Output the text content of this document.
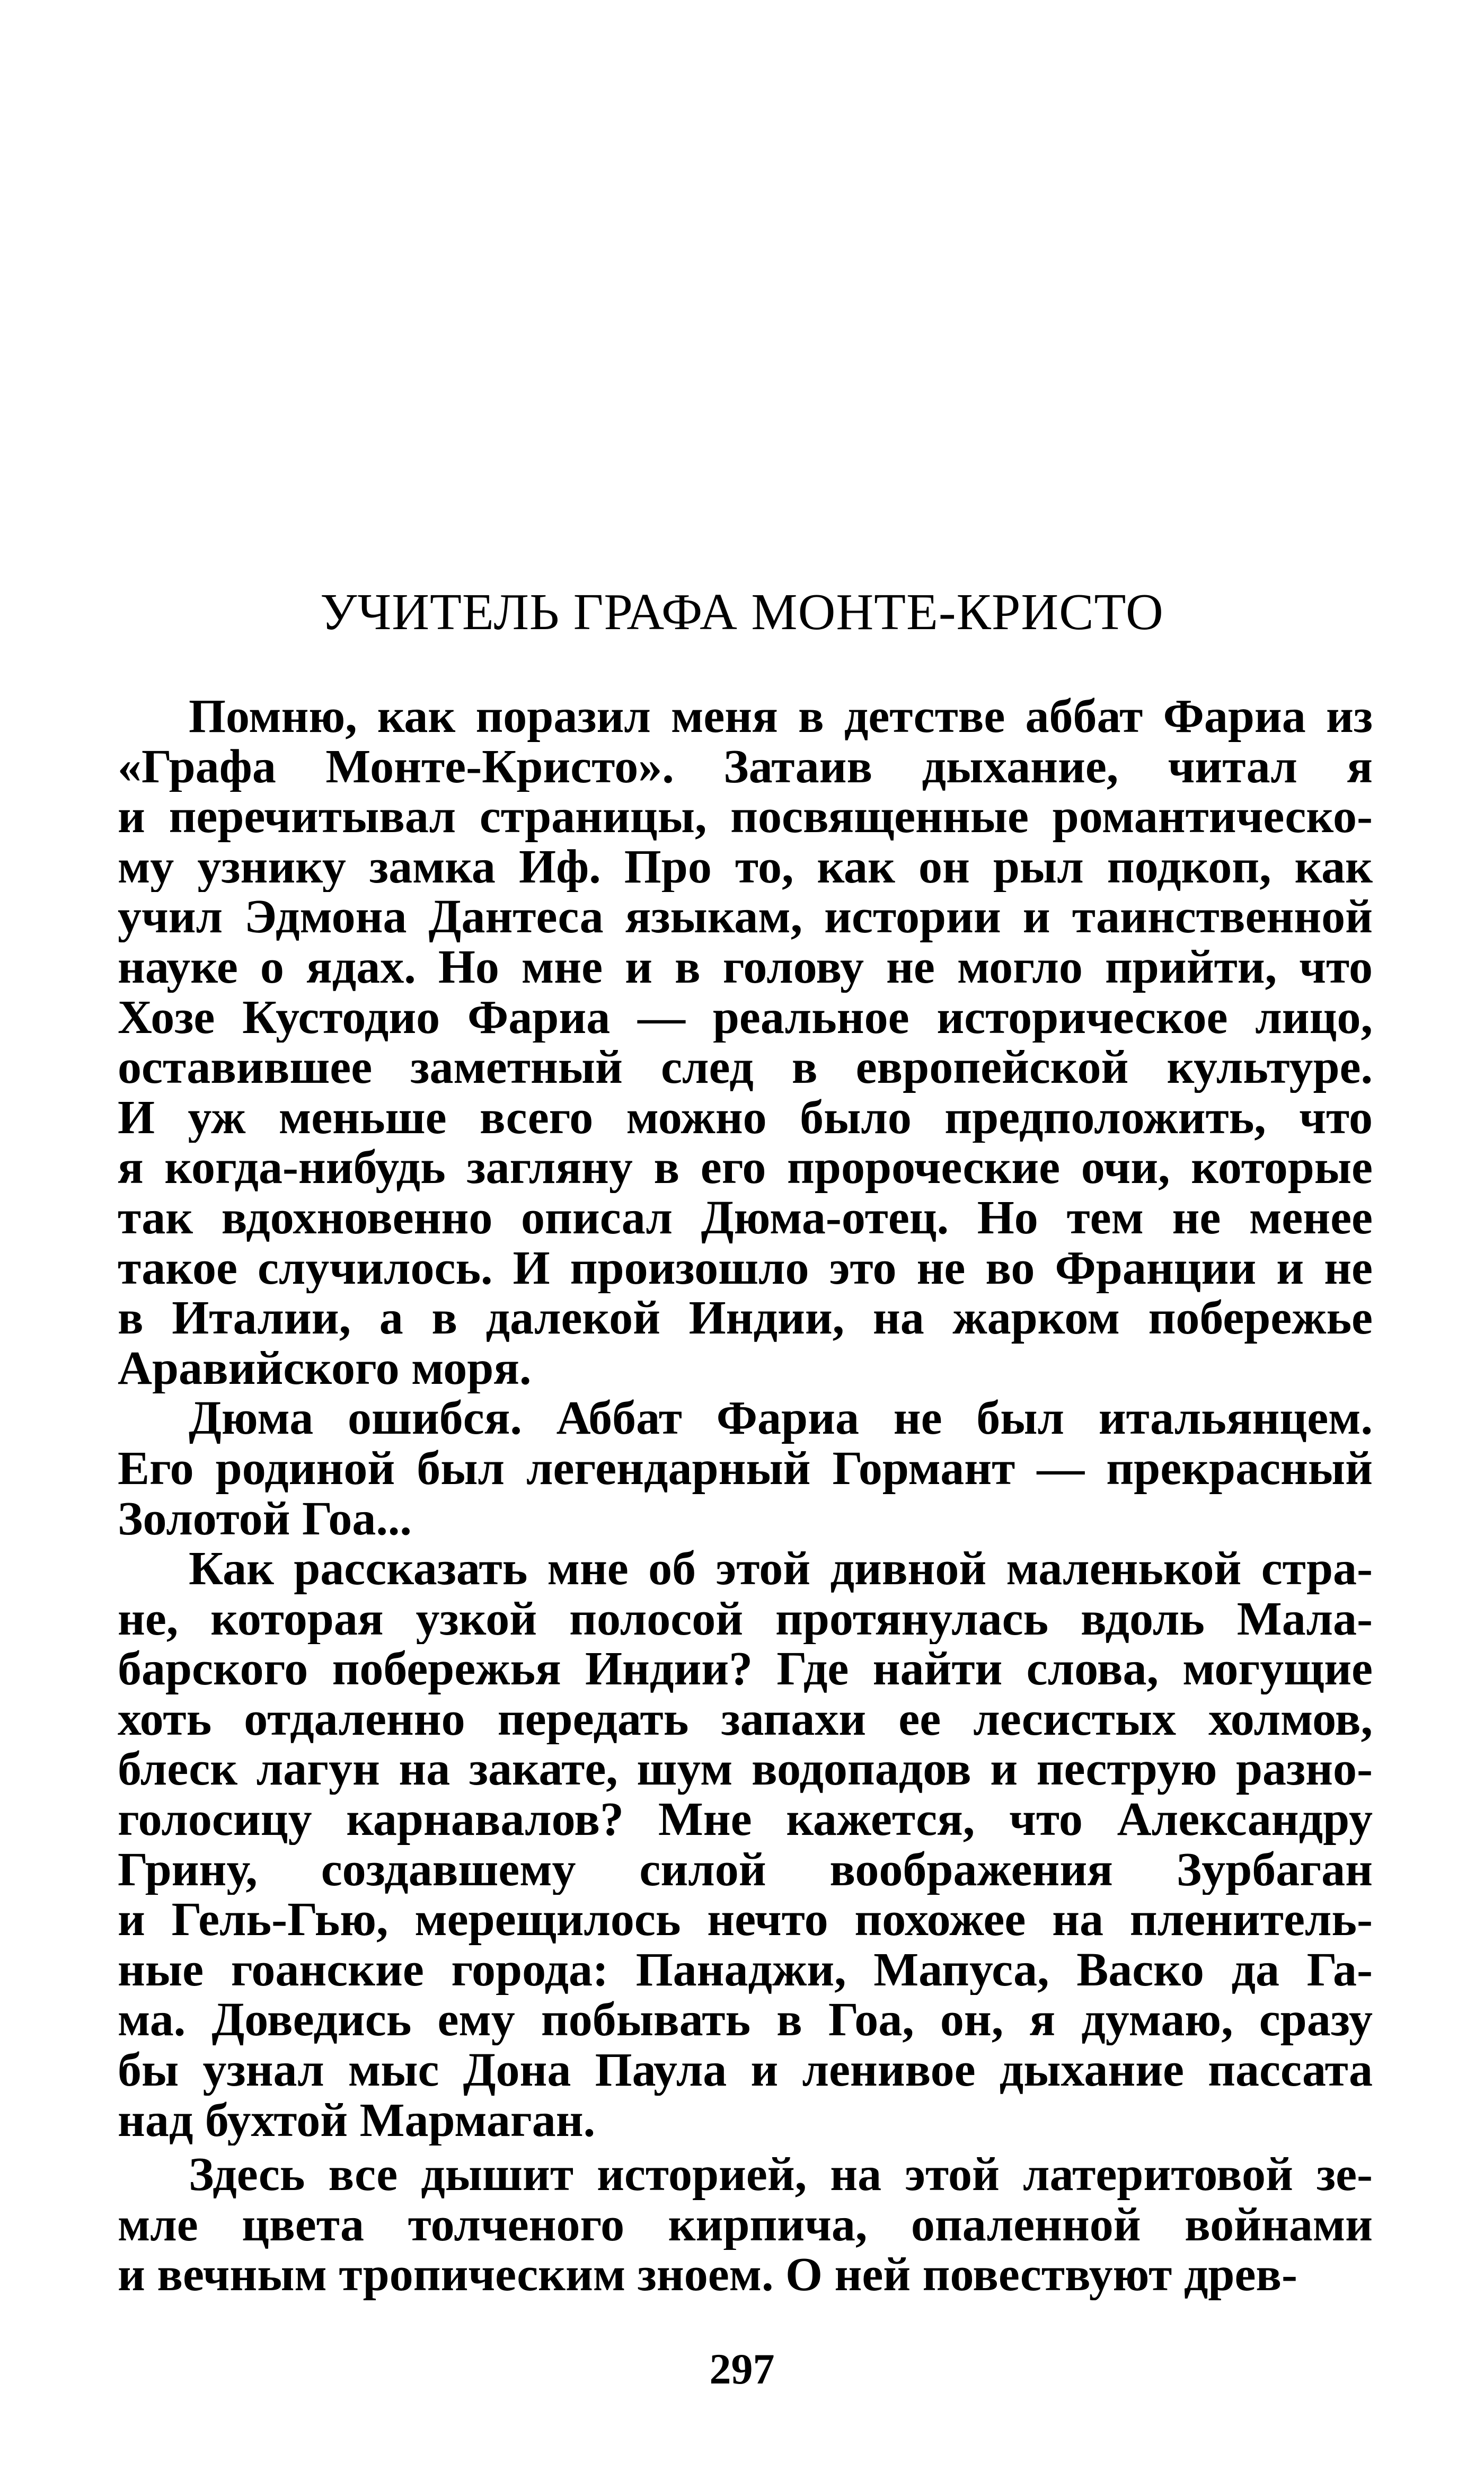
УЧИТЕЛЬ ГРАФА МОНТЕ-КРИСТО
Помню, как поразил меня в детстве аббат Фариа из
«Графа Монте-Кристо». Затаив дыхание, читал я
и перечитывал страницы, посвященные романтическо-
му узнику замка Иф. Про то, как он рыл подкоп, как
учил Эдмона Дантеса языкам, истории и таинственной
науке о ядах. Но мне и в голову не могло прийти, что
Хозе Кустодио Фариа — реальное историческое лицо,
оставившее заметный след в европейской культуре.
И уж меньше всего можно было предположить, что
я когда-нибудь загляну в его пророческие очи, которые
так вдохновенно описал Дюма-отец. Но тем не менее
такое случилось. И произошло это не во Франции и не
в Италии, а в далекой Индии, на жарком побережье
Аравийского моря.
Дюма ошибся. Аббат Фариа не был итальянцем.
Его родиной был легендарный Гормант — прекрасный
Золотой Гоа...
Как рассказать мне об этой дивной маленькой стра-
не, которая узкой полосой протянулась вдоль Мала-
барского побережья Индии? Где найти слова, могущие
хоть отдаленно передать запахи ее лесистых холмов,
блеск лагун на закате, шум водопадов и пеструю разно-
голосицу карнавалов? Мне кажется, что Александру
Грину, создавшему силой воображения Зурбаган
и Гель-Гью, мерещилось нечто похожее на пленитель-
ные гоанские города: Панаджи, Мапуса, Васко да Га-
ма. Доведись ему побывать в Гоа, он, я думаю, сразу
бы узнал мыс Дона Паула и ленивое дыхание пассата
над бухтой Мармаган.
Здесь все дышит историей, на этой латеритовой зе-
мле цвета толченого кирпича, опаленной войнами
и вечным тропическим зноем. О ней повествуют древ-
297
